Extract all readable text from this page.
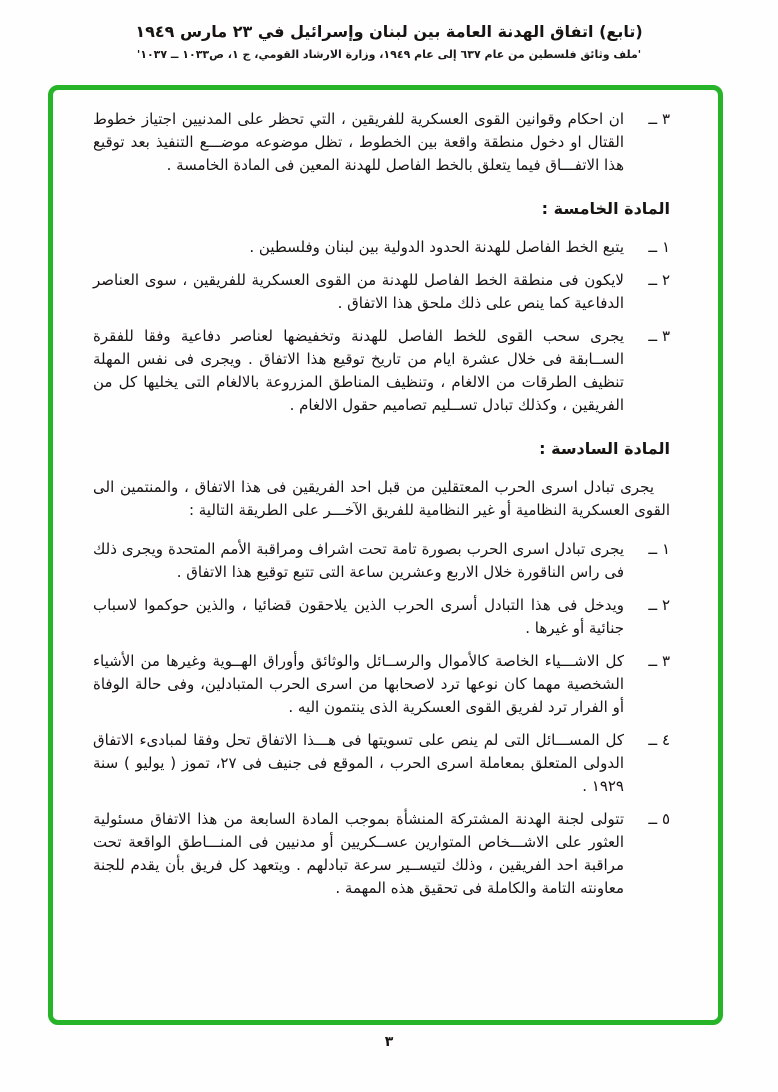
(تابع) اتفاق الهدنة العامة بين لبنان وإسرائيل في ٢٣ مارس ١٩٤٩
'ملف وثائق فلسطين من عام ٦٣٧ إلى عام ١٩٤٩، وزارة الارشاد القومي، ج ١، ص١٠٣٣ ــ ١٠٣٧'
٣ ــ
ان احكام وقوانين القوى العسكرية للفريقين ، التي تحظر على المدنيين اجتياز خطوط القتال او دخول منطقة واقعة بين الخطوط ، تظل موضوعه موضـــع التنفيذ بعد توقيع هذا الاتفـــاق فيما يتعلق بالخط الفاصل للهدنة المعين فى المادة الخامسة .
المادة الخامسة :
١ ــ
يتبع الخط الفاصل للهدنة الحدود الدولية بين لبنان وفلسطين .
٢ ــ
لايكون فى منطقة الخط الفاصل للهدنة من القوى العسكرية للفريقين ، سوى العناصر الدفاعية كما ينص على ذلك ملحق هذا الاتفاق .
٣ ــ
يجرى سحب القوى للخط الفاصل للهدنة وتخفيضها لعناصر دفاعية وفقا للفقرة الســابقة فى خلال عشرة ايام من تاريخ توقيع هذا الاتفاق . ويجرى فى نفس المهلة تنظيف الطرقات من الالغام ، وتنظيف المناطق المزروعة بالالغام التى يخليها كل من الفريقين ، وكذلك تبادل تســليم تصاميم حقول الالغام .
المادة السادسة :

يجرى تبادل اسرى الحرب المعتقلين من قبل احد الفريقين فى هذا الاتفاق ، والمنتمين الى القوى العسكرية النظامية أو غير النظامية للفريق الآخـــر على الطريقة التالية :

١ ــ
يجرى تبادل اسرى الحرب بصورة تامة تحت اشراف ومراقبة الأمم المتحدة ويجرى ذلك فى راس الناقورة خلال الاربع وعشرين ساعة التى تتبع توقيع هذا الاتفاق .
٢ ــ
ويدخل فى هذا التبادل أسرى الحرب الذين يلاحقون قضائيا ، والذين حوكموا لاسباب جنائية أو غيرها .
٣ ــ
كل الاشـــياء الخاصة كالأموال والرســائل والوثائق وأوراق الهــوية وغيرها من الأشياء الشخصية مهما كان نوعها ترد لاصحابها من اسرى الحرب المتبادلين، وفى حالة الوفاة أو الفرار ترد لفريق القوى العسكرية الذى ينتمون اليه .
٤ ــ
كل المســـائل التى لم ينص على تسويتها فى هـــذا الاتفاق تحل وفقا لمبادىء الاتفاق الدولى المتعلق بمعاملة اسرى الحرب ، الموقع فى جنيف فى ٢٧، تموز ( يوليو ) سنة ١٩٢٩ .
٥ ــ
تتولى لجنة الهدنة المشتركة المنشأة بموجب المادة السابعة من هذا الاتفاق مسئولية العثور على الاشـــخاص المتوارين عســكريين أو مدنيين فى المنـــاطق الواقعة تحت مراقبة احد الفريقين ، وذلك لتيســير سرعة تبادلهم . ويتعهد كل فريق بأن يقدم للجنة معاونته التامة والكاملة فى تحقيق هذه المهمة .
٣
